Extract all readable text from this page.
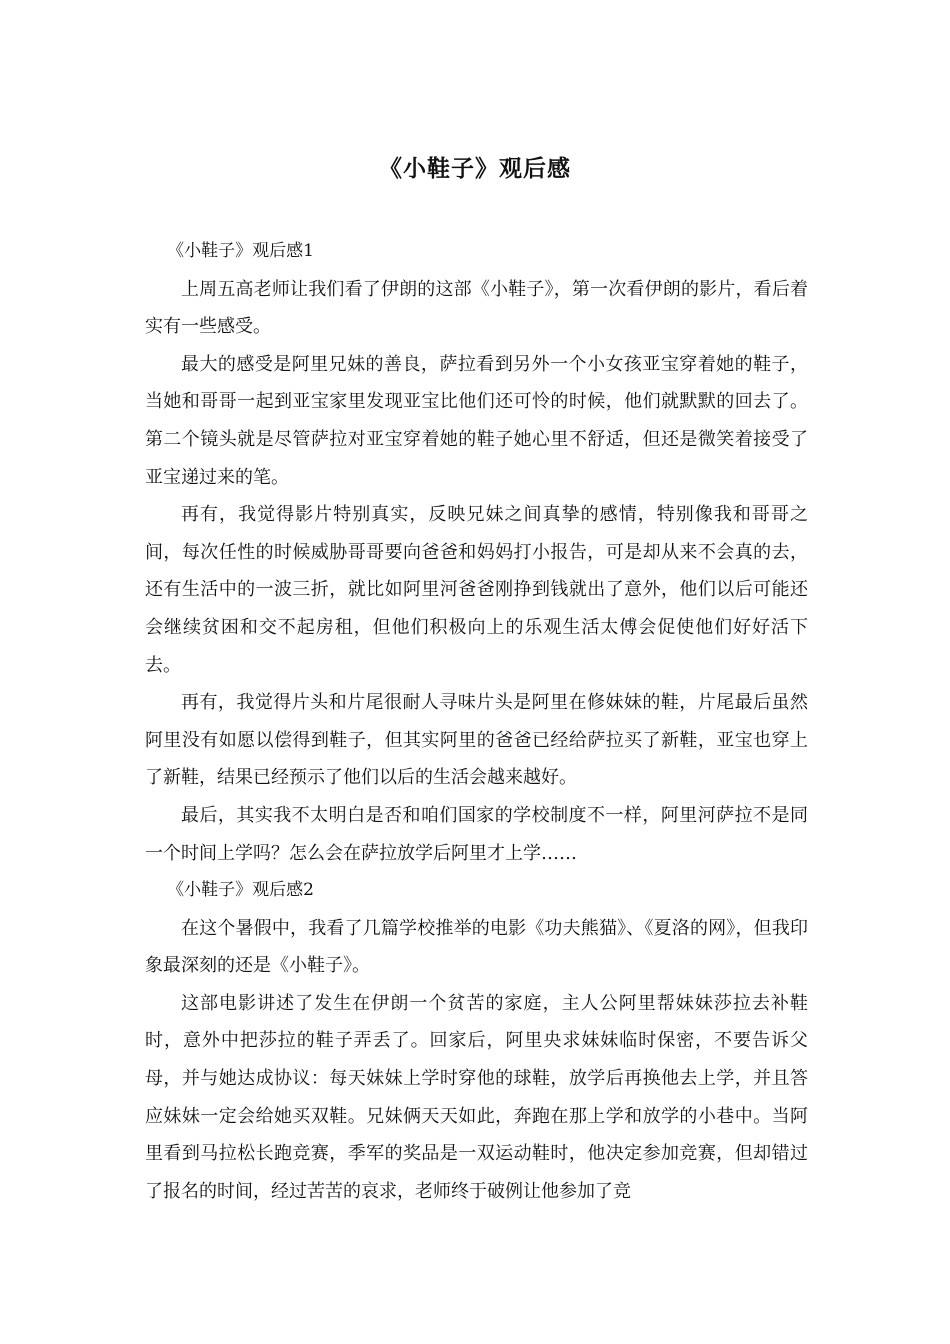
《小鞋子》观后感

《小鞋子》观后感1

上周五高老师让我们看了伊朗的这部《小鞋子》，第一次看伊朗的影片，看后着实有一些感受。

最大的感受是阿里兄妹的善良，萨拉看到另外一个小女孩亚宝穿着她的鞋子，当她和哥哥一起到亚宝家里发现亚宝比他们还可怜的时候，他们就默默的回去了。第二个镜头就是尽管萨拉对亚宝穿着她的鞋子她心里不舒适，但还是微笑着接受了亚宝递过来的笔。

再有，我觉得影片特别真实，反映兄妹之间真挚的感情，特别像我和哥哥之间，每次任性的时候威胁哥哥要向爸爸和妈妈打小报告，可是却从来不会真的去，还有生活中的一波三折，就比如阿里河爸爸刚挣到钱就出了意外，他们以后可能还会继续贫困和交不起房租，但他们积极向上的乐观生活太傅会促使他们好好活下去。

再有，我觉得片头和片尾很耐人寻味片头是阿里在修妹妹的鞋，片尾最后虽然阿里没有如愿以偿得到鞋子，但其实阿里的爸爸已经给萨拉买了新鞋，亚宝也穿上了新鞋，结果已经预示了他们以后的生活会越来越好。

最后，其实我不太明白是否和咱们国家的学校制度不一样，阿里河萨拉不是同一个时间上学吗？怎么会在萨拉放学后阿里才上学……

《小鞋子》观后感2

在这个暑假中，我看了几篇学校推举的电影《功夫熊猫》、《夏洛的网》，但我印象最深刻的还是《小鞋子》。

这部电影讲述了发生在伊朗一个贫苦的家庭，主人公阿里帮妹妹莎拉去补鞋时，意外中把莎拉的鞋子弄丢了。回家后，阿里央求妹妹临时保密，不要告诉父母，并与她达成协议：每天妹妹上学时穿他的球鞋，放学后再换他去上学，并且答应妹妹一定会给她买双鞋。兄妹俩天天如此，奔跑在那上学和放学的小巷中。当阿里看到马拉松长跑竞赛，季军的奖品是一双运动鞋时，他决定参加竞赛，但却错过了报名的时间，经过苦苦的哀求，老师终于破例让他参加了竞
